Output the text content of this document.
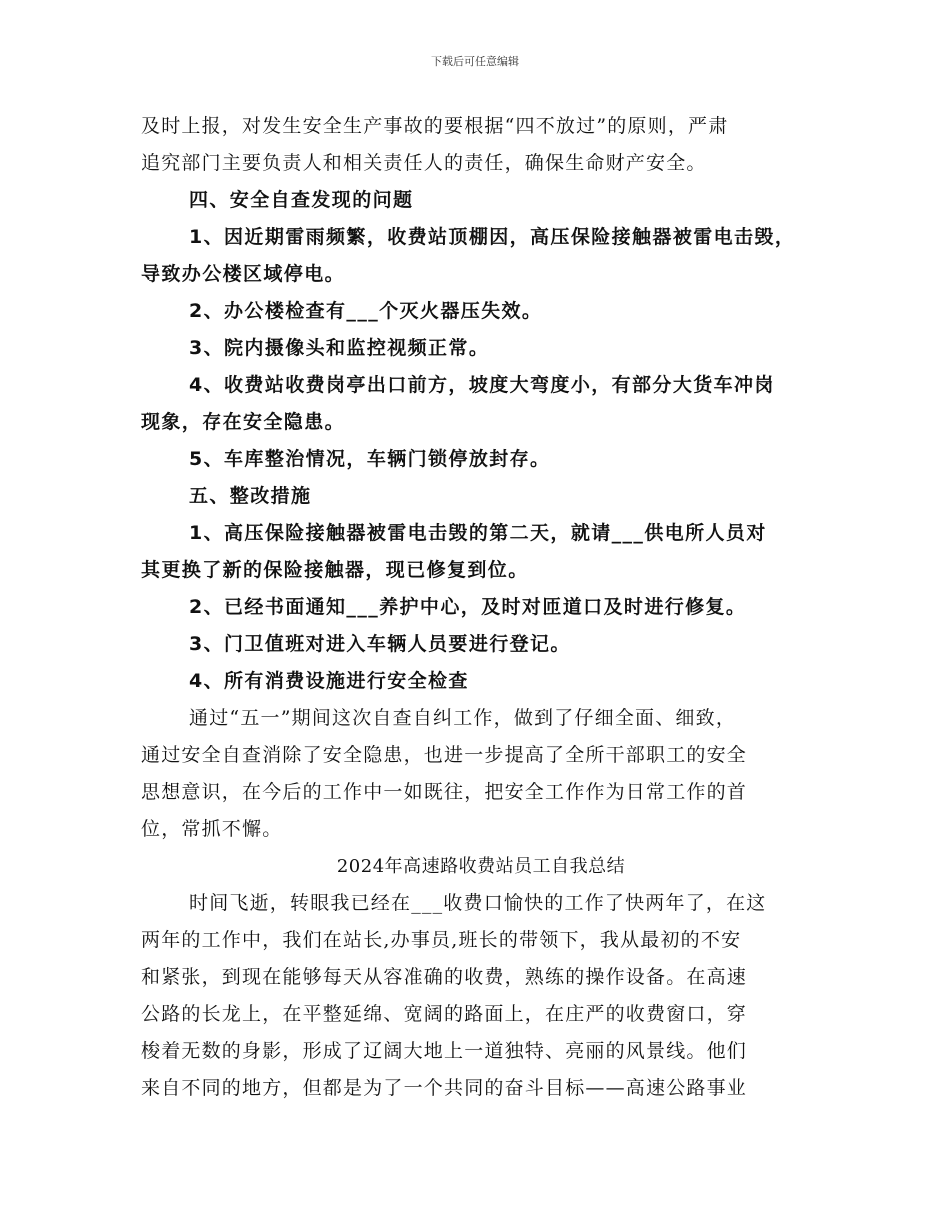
下载后可任意编辑
及时上报，对发生安全生产事故的要根据“四不放过”的原则，严肃
追究部门主要负责人和相关责任人的责任，确保生命财产安全。
四、安全自查发现的问题
1、因近期雷雨频繁，收费站顶棚因，高压保险接触器被雷电击毁，
导致办公楼区域停电。
2、办公楼检查有___个灭火器压失效。
3、院内摄像头和监控视频正常。
4、收费站收费岗亭出口前方，坡度大弯度小，有部分大货车冲岗
现象，存在安全隐患。
5、车库整治情况，车辆门锁停放封存。
五、整改措施
1、高压保险接触器被雷电击毁的第二天，就请___供电所人员对
其更换了新的保险接触器，现已修复到位。
2、已经书面通知___养护中心，及时对匝道口及时进行修复。
3、门卫值班对进入车辆人员要进行登记。
4、所有消费设施进行安全检查
通过“五一”期间这次自查自纠工作，做到了仔细全面、细致，
通过安全自查消除了安全隐患，也进一步提高了全所干部职工的安全
思想意识，在今后的工作中一如既往，把安全工作作为日常工作的首
位，常抓不懈。
2024年高速路收费站员工自我总结
时间飞逝，转眼我已经在___收费口愉快的工作了快两年了，在这
两年的工作中，我们在站长,办事员,班长的带领下，我从最初的不安
和紧张，到现在能够每天从容准确的收费，熟练的操作设备。在高速
公路的长龙上，在平整延绵、宽阔的路面上，在庄严的收费窗口，穿
梭着无数的身影，形成了辽阔大地上一道独特、亮丽的风景线。他们
来自不同的地方，但都是为了一个共同的奋斗目标——高速公路事业
